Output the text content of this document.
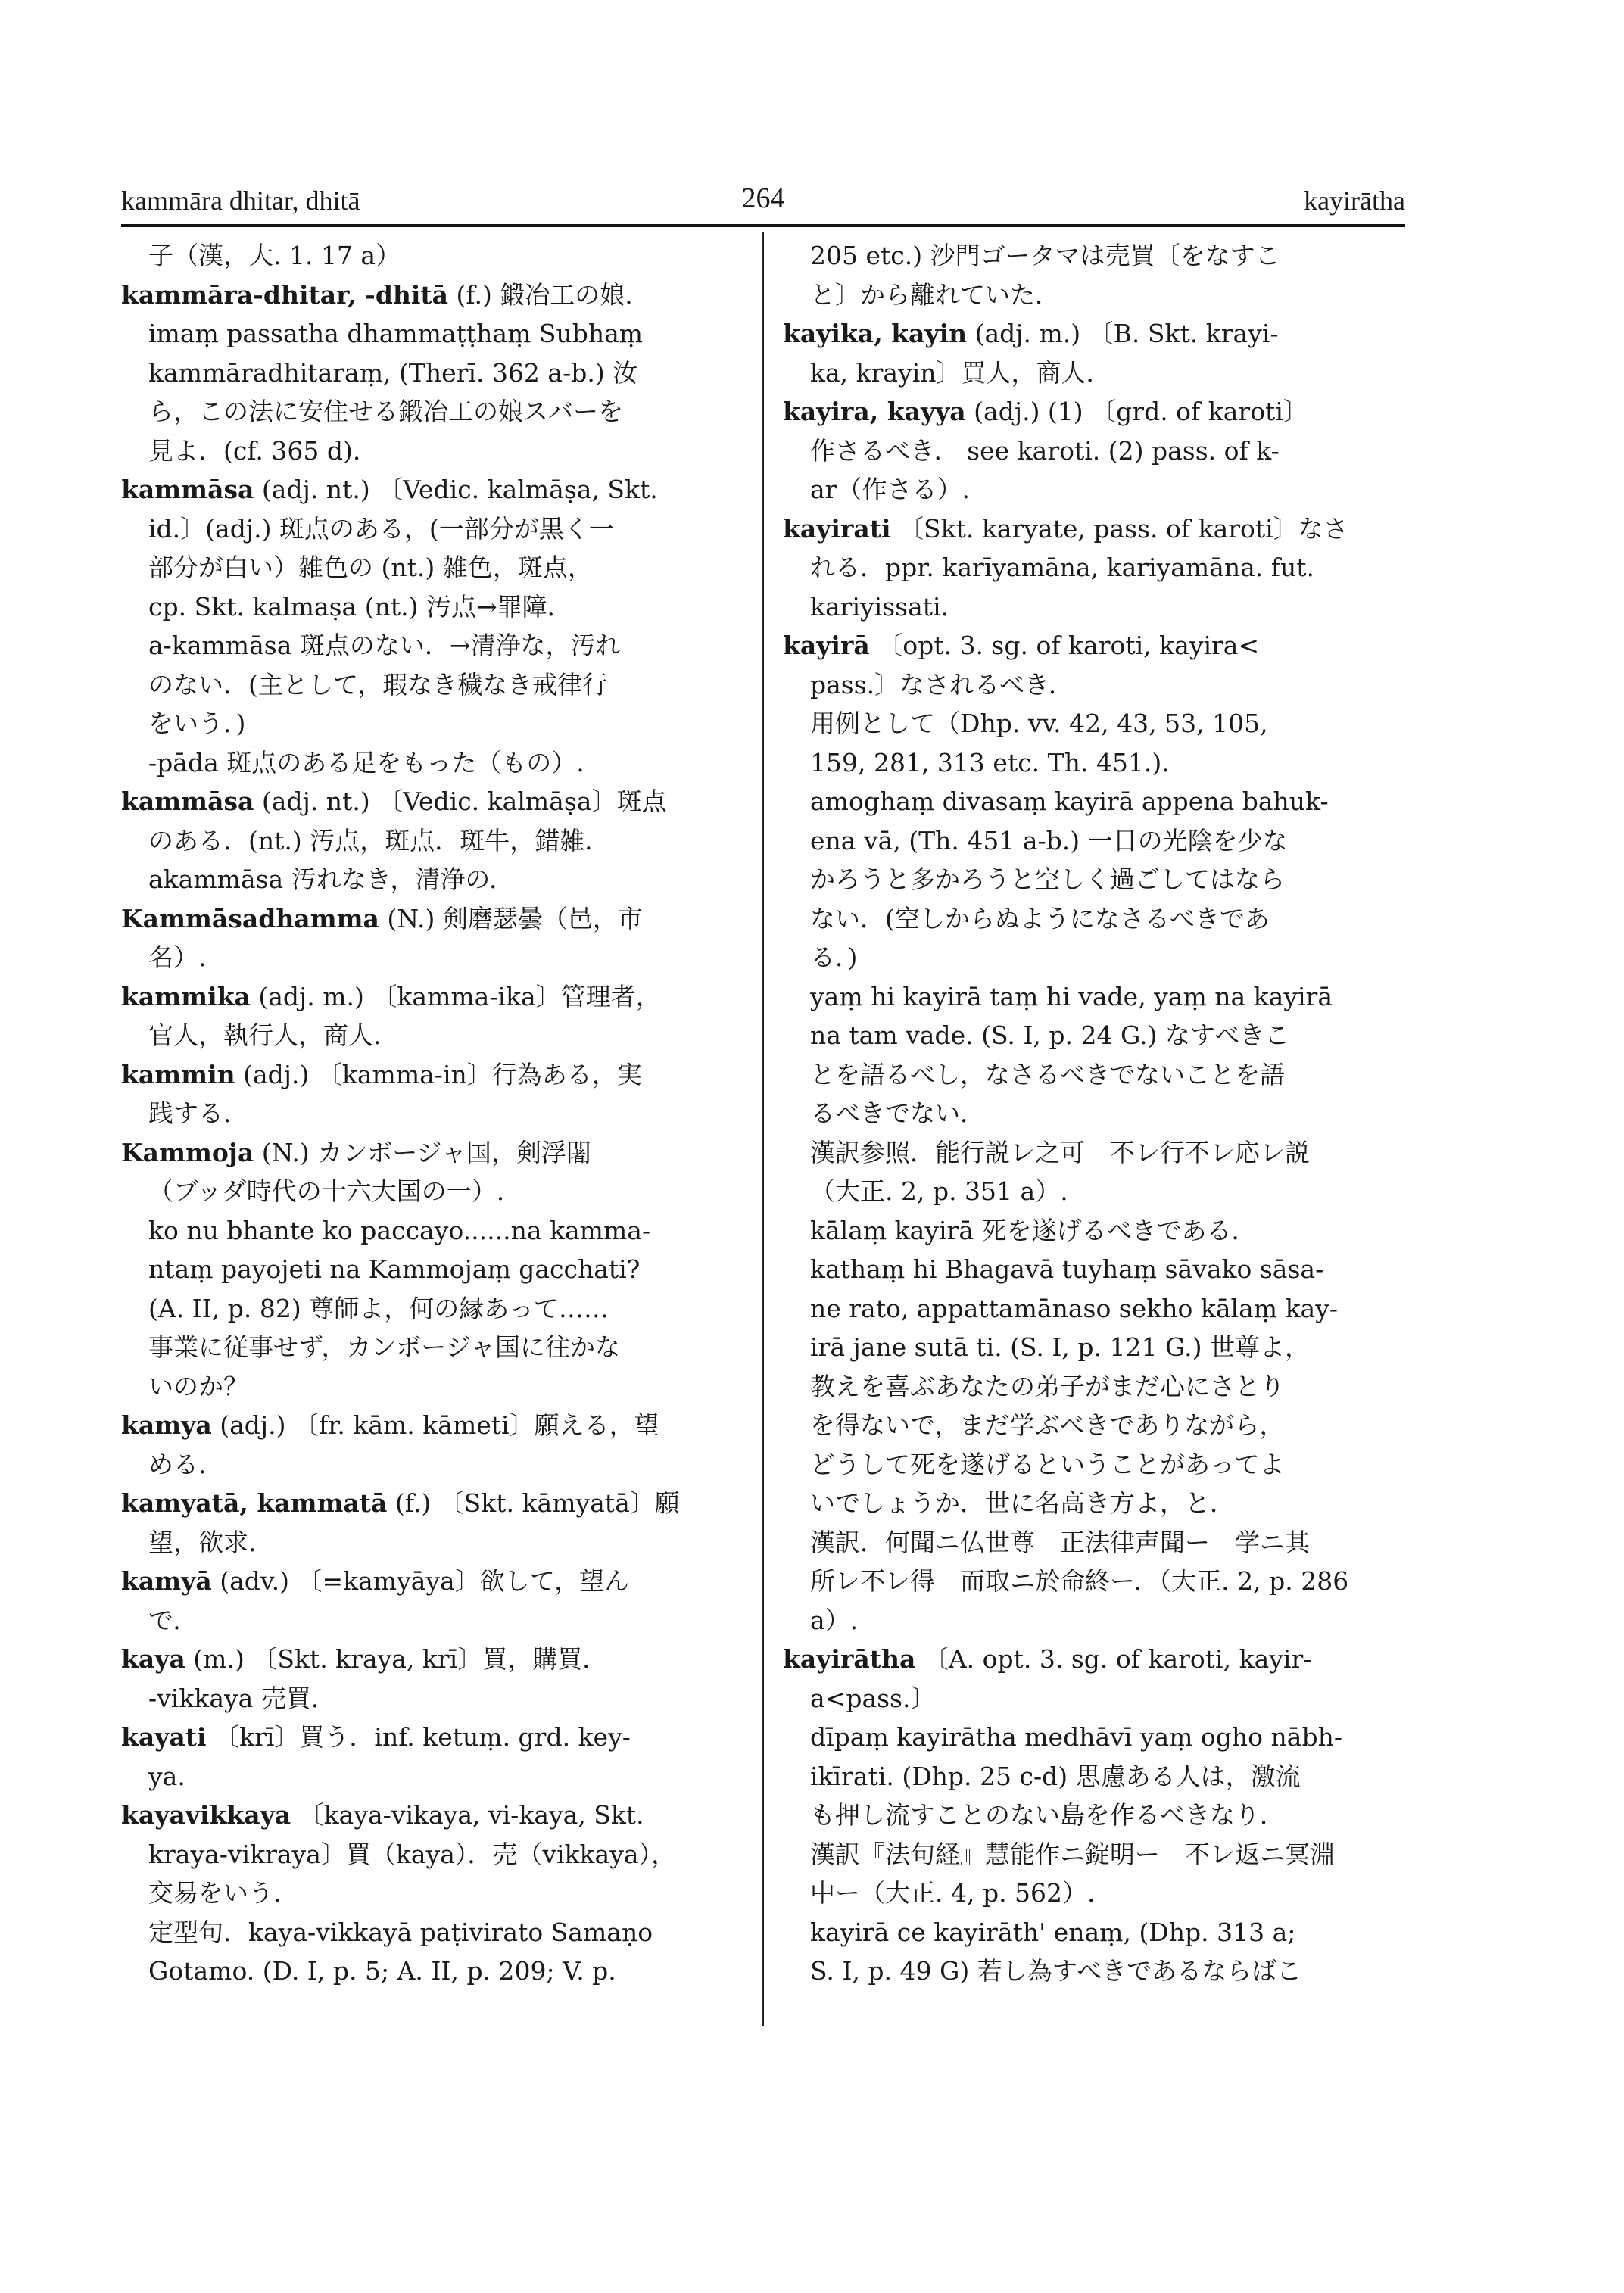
kammāra dhitar, dhitā	264	kayirātha
子（漢，大. 1. 17 a）
kammāra-dhitar, -dhitā (f.) 鍛冶工の娘.
imaṃ passatha dhammaṭṭhaṃ Subhaṃ
kammāradhitaraṃ, (Therī. 362 a-b.) 汝
ら，この法に安住せる鍛冶工の娘スバーを
見よ．(cf. 365 d).
kammāsa (adj. nt.) 〔Vedic. kalmāṣa, Skt.
id.〕(adj.) 斑点のある，(一部分が黒く一
部分が白い）雑色の (nt.) 雑色，斑点，
cp. Skt. kalmaṣa (nt.) 汚点→罪障．
a-kammāsa 斑点のない．→清浄な，汚れ
のない．(主として，瑕なき穢なき戒律行
をいう．)
-pāda 斑点のある足をもった（もの）.
kammāsa (adj. nt.) 〔Vedic. kalmāṣa〕斑点
のある．(nt.) 汚点，斑点．斑牛，錯雑．
akammāsa 汚れなき，清浄の．
Kammāsadhamma (N.) 剣磨瑟曇（邑，市
名）.
kammika (adj. m.) 〔kamma-ika〕管理者，
官人，執行人，商人．
kammin (adj.) 〔kamma-in〕行為ある，実
践する．
Kammoja (N.) カンボージャ国，剣浮闍
（ブッダ時代の十六大国の一）.
ko nu bhante ko paccayo......na kamma-
ntaṃ payojeti na Kammojaṃ gacchati?
(A. II, p. 82) 尊師よ，何の縁あって……
事業に従事せず，カンボージャ国に往かな
いのか？
kamya (adj.) 〔fr. kām. kāmeti〕願える，望
める．
kamyatā, kammatā (f.) 〔Skt. kāmyatā〕願
望，欲求．
kamyā (adv.) 〔=kamyāya〕欲して，望ん
で．
kaya (m.) 〔Skt. kraya, krī〕買，購買．
-vikkaya 売買．
kayati 〔krī〕買う．inf. ketuṃ. grd. key-
ya.
kayavikkaya 〔kaya-vikaya, vi-kaya, Skt.
kraya-vikraya〕買（kaya）．売（vikkaya），
交易をいう．
定型句．kaya-vikkayā paṭivirato Samaṇo
Gotamo. (D. I, p. 5; A. II, p. 209; V. p.
205 etc.) 沙門ゴータマは売買〔をなすこ
と〕から離れていた．
kayika, kayin (adj. m.) 〔B. Skt. krayi-
ka, krayin〕買人，商人．
kayira, kayya (adj.) (1) 〔grd. of karoti〕
作さるべき． see karoti. (2) pass. of k-
ar（作さる）.
kayirati 〔Skt. karyate, pass. of karoti〕なさ
れる．ppr. karīyamāna, kariyamāna. fut.
kariyissati.
kayirā 〔opt. 3. sg. of karoti, kayira<
pass.〕なされるべき．
用例として（Dhp. vv. 42, 43, 53, 105,
159, 281, 313 etc. Th. 451.).
amoghaṃ divasaṃ kayirā appena bahuk-
ena vā, (Th. 451 a-b.) 一日の光陰を少な
かろうと多かろうと空しく過ごしてはなら
ない．(空しからぬようになさるべきであ
る．)
yaṃ hi kayirā taṃ hi vade, yaṃ na kayirā
na tam vade. (S. I, p. 24 G.) なすべきこ
とを語るべし，なさるべきでないことを語
るべきでない．
漢訳参照．能行説レ之可　不レ行不レ応レ説
（大正. 2, p. 351 a）.
kālaṃ kayirā 死を遂げるべきである．
kathaṃ hi Bhagavā tuyhaṃ sāvako sāsa-
ne rato, appattamānaso sekho kālaṃ kay-
irā jane sutā ti. (S. I, p. 121 G.) 世尊よ，
教えを喜ぶあなたの弟子がまだ心にさとり
を得ないで，まだ学ぶべきでありながら，
どうして死を遂げるということがあってよ
いでしょうか．世に名高き方よ，と．
漢訳．何聞ニ仏世尊　正法律声聞ー　学ニ其
所レ不レ得　而取ニ於命終ー．（大正. 2, p. 286
a）.
kayirātha 〔A. opt. 3. sg. of karoti, kayir-
a<pass.〕
dīpaṃ kayirātha medhāvī yaṃ ogho nābh-
ikīrati. (Dhp. 25 c-d) 思慮ある人は，激流
も押し流すことのない島を作るべきなり．
漢訳『法句経』慧能作ニ錠明ー　不レ返ニ冥淵
中ー（大正. 4, p. 562）.
kayirā ce kayirāth' enaṃ, (Dhp. 313 a;
S. I, p. 49 G) 若し為すべきであるならばこ
